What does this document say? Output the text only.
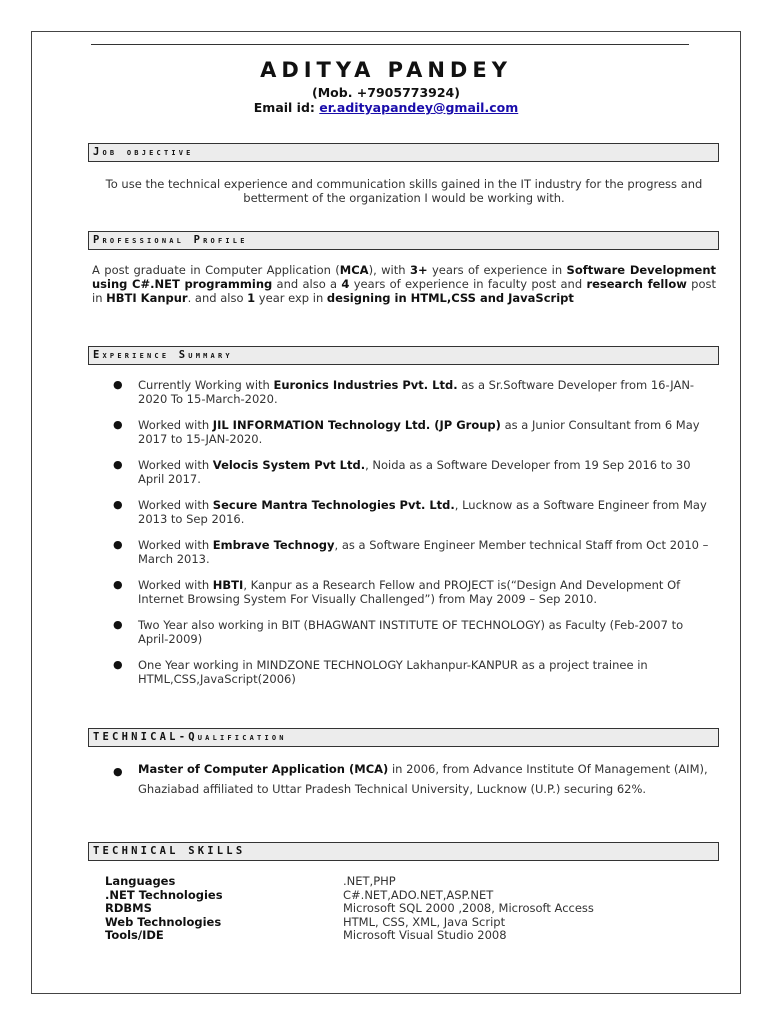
ADITYA PANDEY
(Mob. +7905773924)
Email id: er.adityapandey@gmail.com
Job objective
To use the technical experience and communication skills gained in the IT industry for the progress and betterment of the organization I would be working with.
Professional Profile
A post graduate in Computer Application (MCA), with 3+ years of experience in Software Development using C#.NET programming and also a 4 years of experience in faculty post and research fellow post in HBTI Kanpur. and also 1 year exp in designing in HTML,CSS and JavaScript
Experience Summary
● Currently Working with Euronics Industries Pvt. Ltd. as a Sr.Software Developer from 16-JAN-2020 To 15-March-2020.
● Worked with JIL INFORMATION Technology Ltd. (JP Group) as a Junior Consultant from 6 May 2017 to 15-JAN-2020.
● Worked with Velocis System Pvt Ltd., Noida as a Software Developer from 19 Sep 2016 to 30 April 2017.
● Worked with Secure Mantra Technologies Pvt. Ltd., Lucknow as a Software Engineer from May 2013 to Sep 2016.
● Worked with Embrave Technogy, as a Software Engineer Member technical Staff from Oct 2010 – March 2013.
● Worked with HBTI, Kanpur as a Research Fellow and PROJECT is(“Design And Development Of Internet Browsing System For Visually Challenged”) from May 2009 – Sep 2010.
● Two Year also working in BIT (BHAGWANT INSTITUTE OF TECHNOLOGY) as Faculty (Feb-2007 to April-2009)
● One Year working in MINDZONE TECHNOLOGY Lakhanpur-KANPUR as a project trainee in HTML,CSS,JavaScript(2006)
TECHNICAL-Qualification
● Master of Computer Application (MCA) in 2006, from Advance Institute Of Management (AIM), Ghaziabad affiliated to Uttar Pradesh Technical University, Lucknow (U.P.) securing 62%.
TECHNICAL SKILLS
Languages	.NET,PHP
.NET Technologies	C#.NET,ADO.NET,ASP.NET
RDBMS	Microsoft SQL 2000 ,2008, Microsoft Access
Web Technologies	HTML, CSS, XML, Java Script
Tools/IDE	Microsoft Visual Studio 2008
